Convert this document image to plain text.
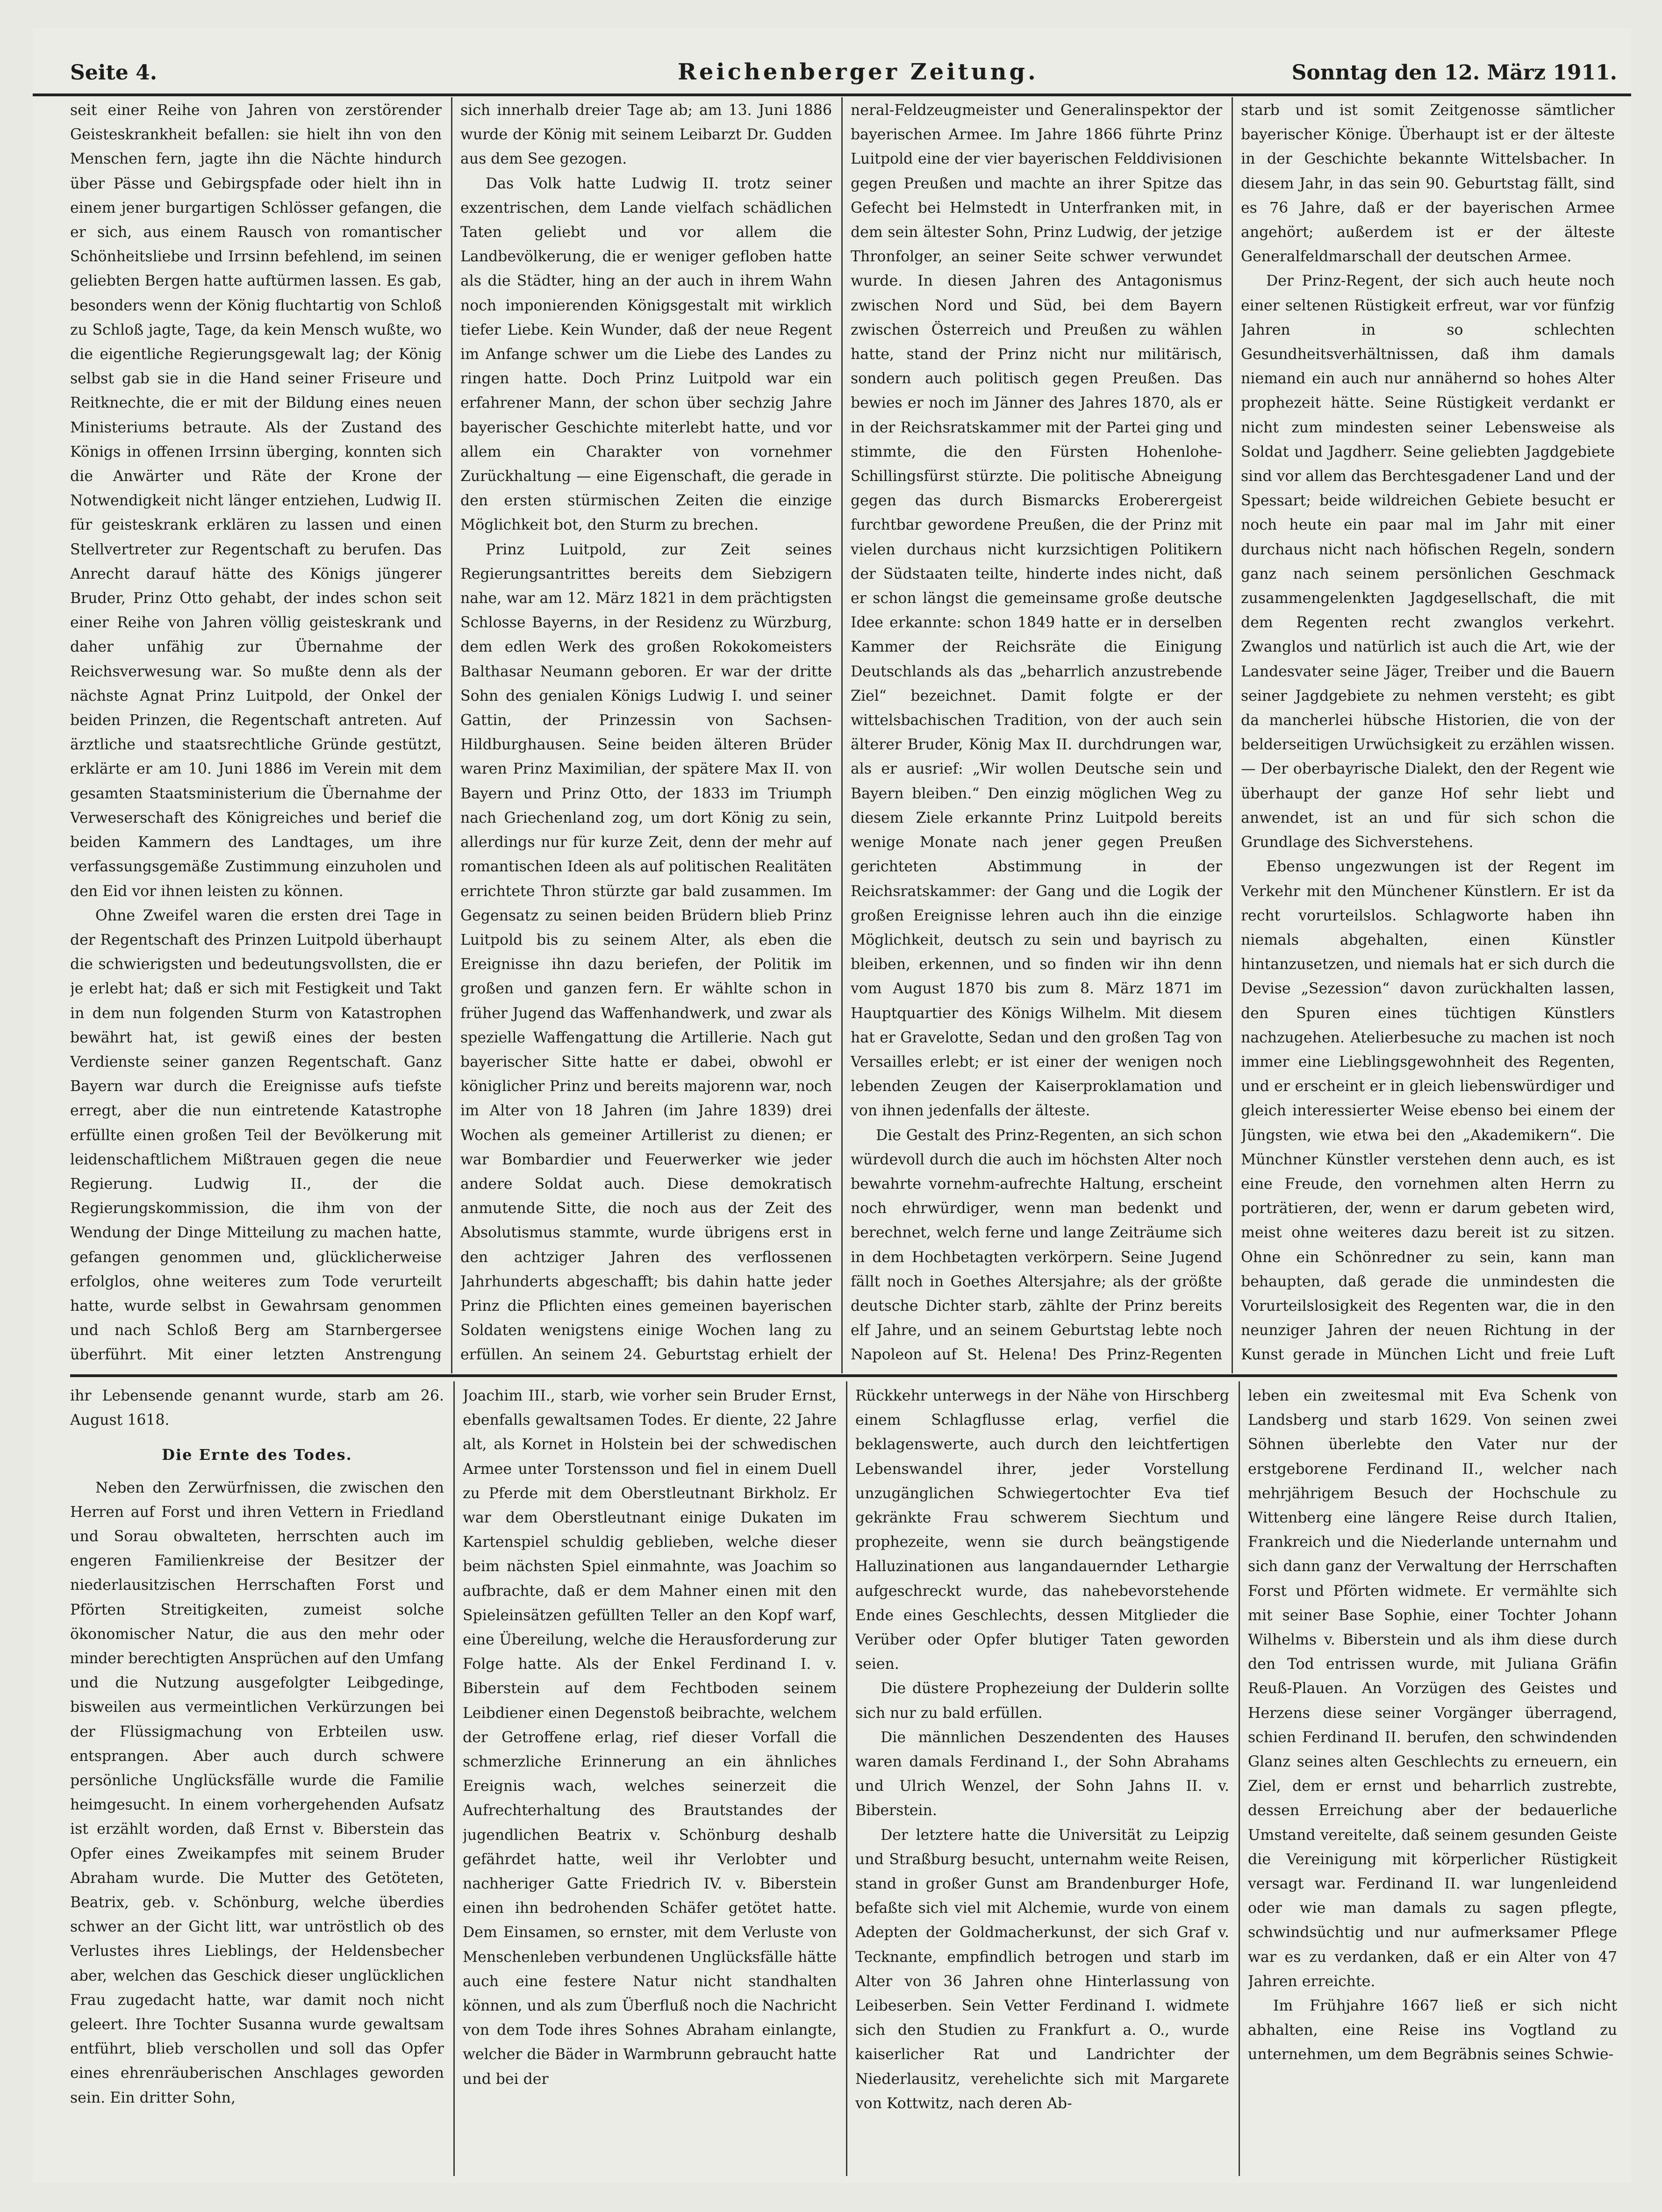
Seite 4.	Reichenberger Zeitung.	Sonntag den 12. März 1911.

seit einer Reihe von Jahren von zerstörender Geisteskrankheit befallen: sie hielt ihn von den Menschen fern, jagte ihn die Nächte hindurch über Pässe und Gebirgspfade oder hielt ihn in einem jener burgartigen Schlösser gefangen, die er sich, aus einem Rausch von romantischer Schönheitsliebe und Irrsinn befehlend, im seinen geliebten Bergen hatte auftürmen lassen. Es gab, besonders wenn der König fluchtartig von Schloß zu Schloß jagte, Tage, da kein Mensch wußte, wo die eigentliche Regierungsgewalt lag; der König selbst gab sie in die Hand seiner Friseure und Reitknechte, die er mit der Bildung eines neuen Ministeriums betraute. Als der Zustand des Königs in offenen Irrsinn überging, konnten sich die Anwärter und Räte der Krone der Notwendigkeit nicht länger entziehen, Ludwig II. für geisteskrank erklären zu lassen und einen Stellvertreter zur Regentschaft zu berufen. Das Anrecht darauf hätte des Königs jüngerer Bruder, Prinz Otto gehabt, der indes schon seit einer Reihe von Jahren völlig geisteskrank und daher unfähig zur Übernahme der Reichsverwesung war. So mußte denn als der nächste Agnat Prinz Luitpold, der Onkel der beiden Prinzen, die Regentschaft antreten. Auf ärztliche und staatsrechtliche Gründe gestützt, erklärte er am 10. Juni 1886 im Verein mit dem gesamten Staatsministerium die Übernahme der Verweserschaft des Königreiches und berief die beiden Kammern des Landtages, um ihre verfassungsgemäße Zustimmung einzuholen und den Eid vor ihnen leisten zu können.

Ohne Zweifel waren die ersten drei Tage in der Regentschaft des Prinzen Luitpold überhaupt die schwierigsten und bedeutungsvollsten, die er je erlebt hat; daß er sich mit Festigkeit und Takt in dem nun folgenden Sturm von Katastrophen bewährt hat, ist gewiß eines der besten Verdienste seiner ganzen Regentschaft. Ganz Bayern war durch die Ereignisse aufs tiefste erregt, aber die nun eintretende Katastrophe erfüllte einen großen Teil der Bevölkerung mit leidenschaftlichem Mißtrauen gegen die neue Regierung. Ludwig II., der die Regierungskommission, die ihm von der Wendung der Dinge Mitteilung zu machen hatte, gefangen genommen und, glücklicherweise erfolglos, ohne weiteres zum Tode verurteilt hatte, wurde selbst in Gewahrsam genommen und nach Schloß Berg am Starnbergersee überführt. Mit einer letzten Anstrengung

sich innerhalb dreier Tage ab; am 13. Juni 1886 wurde der König mit seinem Leibarzt Dr. Gudden aus dem See gezogen.

Das Volk hatte Ludwig II. trotz seiner exzentrischen, dem Lande vielfach schädlichen Taten geliebt und vor allem die Landbevölkerung, die er weniger gefloben hatte als die Städter, hing an der auch in ihrem Wahn noch imponierenden Königsgestalt mit wirklich tiefer Liebe. Kein Wunder, daß der neue Regent im Anfange schwer um die Liebe des Landes zu ringen hatte. Doch Prinz Luitpold war ein erfahrener Mann, der schon über sechzig Jahre bayerischer Geschichte miterlebt hatte, und vor allem ein Charakter von vornehmer Zurückhaltung — eine Eigenschaft, die gerade in den ersten stürmischen Zeiten die einzige Möglichkeit bot, den Sturm zu brechen.

Prinz Luitpold, zur Zeit seines Regierungsantrittes bereits dem Siebzigern nahe, war am 12. März 1821 in dem prächtigsten Schlosse Bayerns, in der Residenz zu Würzburg, dem edlen Werk des großen Rokokomeisters Balthasar Neumann geboren. Er war der dritte Sohn des genialen Königs Ludwig I. und seiner Gattin, der Prinzessin von Sachsen-Hildburghausen. Seine beiden älteren Brüder waren Prinz Maximilian, der spätere Max II. von Bayern und Prinz Otto, der 1833 im Triumph nach Griechenland zog, um dort König zu sein, allerdings nur für kurze Zeit, denn der mehr auf romantischen Ideen als auf politischen Realitäten errichtete Thron stürzte gar bald zusammen. Im Gegensatz zu seinen beiden Brüdern blieb Prinz Luitpold bis zu seinem Alter, als eben die Ereignisse ihn dazu beriefen, der Politik im großen und ganzen fern. Er wählte schon in früher Jugend das Waffenhandwerk, und zwar als spezielle Waffengattung die Artillerie. Nach gut bayerischer Sitte hatte er dabei, obwohl er königlicher Prinz und bereits majorenn war, noch im Alter von 18 Jahren (im Jahre 1839) drei Wochen als gemeiner Artillerist zu dienen; er war Bombardier und Feuerwerker wie jeder andere Soldat auch. Diese demokratisch anmutende Sitte, die noch aus der Zeit des Absolutismus stammte, wurde übrigens erst in den achtziger Jahren des verflossenen Jahrhunderts abgeschafft; bis dahin hatte jeder Prinz die Pflichten eines gemeinen bayerischen Soldaten wenigstens einige Wochen lang zu erfüllen. An seinem 24. Geburtstag erhielt der

neral-Feldzeugmeister und Generalinspektor der bayerischen Armee. Im Jahre 1866 führte Prinz Luitpold eine der vier bayerischen Felddivisionen gegen Preußen und machte an ihrer Spitze das Gefecht bei Helmstedt in Unterfranken mit, in dem sein ältester Sohn, Prinz Ludwig, der jetzige Thronfolger, an seiner Seite schwer verwundet wurde. In diesen Jahren des Antagonismus zwischen Nord und Süd, bei dem Bayern zwischen Österreich und Preußen zu wählen hatte, stand der Prinz nicht nur militärisch, sondern auch politisch gegen Preußen. Das bewies er noch im Jänner des Jahres 1870, als er in der Reichsratskammer mit der Partei ging und stimmte, die den Fürsten Hohenlohe-Schillingsfürst stürzte. Die politische Abneigung gegen das durch Bismarcks Eroberergeist furchtbar gewordene Preußen, die der Prinz mit vielen durchaus nicht kurzsichtigen Politikern der Südstaaten teilte, hinderte indes nicht, daß er schon längst die gemeinsame große deutsche Idee erkannte: schon 1849 hatte er in derselben Kammer der Reichsräte die Einigung Deutschlands als das „beharrlich anzustrebende Ziel“ bezeichnet. Damit folgte er der wittelsbachischen Tradition, von der auch sein älterer Bruder, König Max II. durchdrungen war, als er ausrief: „Wir wollen Deutsche sein und Bayern bleiben.“ Den einzig möglichen Weg zu diesem Ziele erkannte Prinz Luitpold bereits wenige Monate nach jener gegen Preußen gerichteten Abstimmung in der Reichsratskammer: der Gang und die Logik der großen Ereignisse lehren auch ihn die einzige Möglichkeit, deutsch zu sein und bayrisch zu bleiben, erkennen, und so finden wir ihn denn vom August 1870 bis zum 8. März 1871 im Hauptquartier des Königs Wilhelm. Mit diesem hat er Gravelotte, Sedan und den großen Tag von Versailles erlebt; er ist einer der wenigen noch lebenden Zeugen der Kaiserproklamation und von ihnen jedenfalls der älteste.

Die Gestalt des Prinz-Regenten, an sich schon würdevoll durch die auch im höchsten Alter noch bewahrte vornehm-aufrechte Haltung, erscheint noch ehrwürdiger, wenn man bedenkt und berechnet, welch ferne und lange Zeiträume sich in dem Hochbetagten verkörpern. Seine Jugend fällt noch in Goethes Altersjahre; als der größte deutsche Dichter starb, zählte der Prinz bereits elf Jahre, und an seinem Geburtstag lebte noch Napoleon auf St. Helena! Des Prinz-Regenten

starb und ist somit Zeitgenosse sämtlicher bayerischer Könige. Überhaupt ist er der älteste in der Geschichte bekannte Wittelsbacher. In diesem Jahr, in das sein 90. Geburtstag fällt, sind es 76 Jahre, daß er der bayerischen Armee angehört; außerdem ist er der älteste Generalfeldmarschall der deutschen Armee.

Der Prinz-Regent, der sich auch heute noch einer seltenen Rüstigkeit erfreut, war vor fünfzig Jahren in so schlechten Gesundheitsverhältnissen, daß ihm damals niemand ein auch nur annähernd so hohes Alter prophezeit hätte. Seine Rüstigkeit verdankt er nicht zum mindesten seiner Lebensweise als Soldat und Jagdherr. Seine geliebten Jagdgebiete sind vor allem das Berchtesgadener Land und der Spessart; beide wildreichen Gebiete besucht er noch heute ein paar mal im Jahr mit einer durchaus nicht nach höfischen Regeln, sondern ganz nach seinem persönlichen Geschmack zusammengelenkten Jagdgesellschaft, die mit dem Regenten recht zwanglos verkehrt. Zwanglos und natürlich ist auch die Art, wie der Landesvater seine Jäger, Treiber und die Bauern seiner Jagdgebiete zu nehmen versteht; es gibt da mancherlei hübsche Historien, die von der belderseitigen Urwüchsigkeit zu erzählen wissen. — Der oberbayrische Dialekt, den der Regent wie überhaupt der ganze Hof sehr liebt und anwendet, ist an und für sich schon die Grundlage des Sichverstehens.

Ebenso ungezwungen ist der Regent im Verkehr mit den Münchener Künstlern. Er ist da recht vorurteilslos. Schlagworte haben ihn niemals abgehalten, einen Künstler hintanzusetzen, und niemals hat er sich durch die Devise „Sezession“ davon zurückhalten lassen, den Spuren eines tüchtigen Künstlers nachzugehen. Atelierbesuche zu machen ist noch immer eine Lieblingsgewohnheit des Regenten, und er erscheint er in gleich liebenswürdiger und gleich interessierter Weise ebenso bei einem der Jüngsten, wie etwa bei den „Akademikern“. Die Münchner Künstler verstehen denn auch, es ist eine Freude, den vornehmen alten Herrn zu porträtieren, der, wenn er darum gebeten wird, meist ohne weiteres dazu bereit ist zu sitzen. Ohne ein Schönredner zu sein, kann man behaupten, daß gerade die unmindesten die Vorurteilslosigkeit des Regenten war, die in den neunziger Jahren der neuen Richtung in der Kunst gerade in München Licht und freie Luft

ihr Lebensende genannt wurde, starb am 26. August 1618.

Die Ernte des Todes.

Neben den Zerwürfnissen, die zwischen den Herren auf Forst und ihren Vettern in Friedland und Sorau obwalteten, herrschten auch im engeren Familienkreise der Besitzer der niederlausitzischen Herrschaften Forst und Pförten Streitigkeiten, zumeist solche ökonomischer Natur, die aus den mehr oder minder berechtigten Ansprüchen auf den Umfang und die Nutzung ausgefolgter Leibgedinge, bisweilen aus vermeintlichen Verkürzungen bei der Flüssigmachung von Erbteilen usw. entsprangen. Aber auch durch schwere persönliche Unglücksfälle wurde die Familie heimgesucht. In einem vorhergehenden Aufsatz ist erzählt worden, daß Ernst v. Biberstein das Opfer eines Zweikampfes mit seinem Bruder Abraham wurde. Die Mutter des Getöteten, Beatrix, geb. v. Schönburg, welche überdies schwer an der Gicht litt, war untröstlich ob des Verlustes ihres Lieblings, der Heldensbecher aber, welchen das Geschick dieser unglücklichen Frau zugedacht hatte, war damit noch nicht geleert. Ihre Tochter Susanna wurde gewaltsam entführt, blieb verschollen und soll das Opfer eines ehrenräuberischen Anschlages geworden sein. Ein dritter Sohn,

Joachim III., starb, wie vorher sein Bruder Ernst, ebenfalls gewaltsamen Todes. Er diente, 22 Jahre alt, als Kornet in Holstein bei der schwedischen Armee unter Torstensson und fiel in einem Duell zu Pferde mit dem Oberstleutnant Birkholz. Er war dem Oberstleutnant einige Dukaten im Kartenspiel schuldig geblieben, welche dieser beim nächsten Spiel einmahnte, was Joachim so aufbrachte, daß er dem Mahner einen mit den Spieleinsätzen gefüllten Teller an den Kopf warf, eine Übereilung, welche die Herausforderung zur Folge hatte. Als der Enkel Ferdinand I. v. Biberstein auf dem Fechtboden seinem Leibdiener einen Degenstoß beibrachte, welchem der Getroffene erlag, rief dieser Vorfall die schmerzliche Erinnerung an ein ähnliches Ereignis wach, welches seinerzeit die Aufrechterhaltung des Brautstandes der jugendlichen Beatrix v. Schönburg deshalb gefährdet hatte, weil ihr Verlobter und nachheriger Gatte Friedrich IV. v. Biberstein einen ihn bedrohenden Schäfer getötet hatte. Dem Einsamen, so ernster, mit dem Verluste von Menschenleben verbundenen Unglücksfälle hätte auch eine festere Natur nicht standhalten können, und als zum Überfluß noch die Nachricht von dem Tode ihres Sohnes Abraham einlangte, welcher die Bäder in Warmbrunn gebraucht hatte und bei der

Rückkehr unterwegs in der Nähe von Hirschberg einem Schlagflusse erlag, verfiel die beklagenswerte, auch durch den leichtfertigen Lebenswandel ihrer, jeder Vorstellung unzugänglichen Schwiegertochter Eva tief gekränkte Frau schwerem Siechtum und prophezeite, wenn sie durch beängstigende Halluzinationen aus langandauernder Lethargie aufgeschreckt wurde, das nahebevorstehende Ende eines Geschlechts, dessen Mitglieder die Verüber oder Opfer blutiger Taten geworden seien.

Die düstere Prophezeiung der Dulderin sollte sich nur zu bald erfüllen.

Die männlichen Deszendenten des Hauses waren damals Ferdinand I., der Sohn Abrahams und Ulrich Wenzel, der Sohn Jahns II. v. Biberstein.

Der letztere hatte die Universität zu Leipzig und Straßburg besucht, unternahm weite Reisen, stand in großer Gunst am Brandenburger Hofe, befaßte sich viel mit Alchemie, wurde von einem Adepten der Goldmacherkunst, der sich Graf v. Tecknante, empfindlich betrogen und starb im Alter von 36 Jahren ohne Hinterlassung von Leibeserben. Sein Vetter Ferdinand I. widmete sich den Studien zu Frankfurt a. O., wurde kaiserlicher Rat und Landrichter der Niederlausitz, verehelichte sich mit Margarete von Kottwitz, nach deren Ab-

leben ein zweitesmal mit Eva Schenk von Landsberg und starb 1629. Von seinen zwei Söhnen überlebte den Vater nur der erstgeborene Ferdinand II., welcher nach mehrjährigem Besuch der Hochschule zu Wittenberg eine längere Reise durch Italien, Frankreich und die Niederlande unternahm und sich dann ganz der Verwaltung der Herrschaften Forst und Pförten widmete. Er vermählte sich mit seiner Base Sophie, einer Tochter Johann Wilhelms v. Biberstein und als ihm diese durch den Tod entrissen wurde, mit Juliana Gräfin Reuß-Plauen. An Vorzügen des Geistes und Herzens diese seiner Vorgänger überragend, schien Ferdinand II. berufen, den schwindenden Glanz seines alten Geschlechts zu erneuern, ein Ziel, dem er ernst und beharrlich zustrebte, dessen Erreichung aber der bedauerliche Umstand vereitelte, daß seinem gesunden Geiste die Vereinigung mit körperlicher Rüstigkeit versagt war. Ferdinand II. war lungenleidend oder wie man damals zu sagen pflegte, schwindsüchtig und nur aufmerksamer Pflege war es zu verdanken, daß er ein Alter von 47 Jahren erreichte.

Im Frühjahre 1667 ließ er sich nicht abhalten, eine Reise ins Vogtland zu unternehmen, um dem Begräbnis seines Schwie-
